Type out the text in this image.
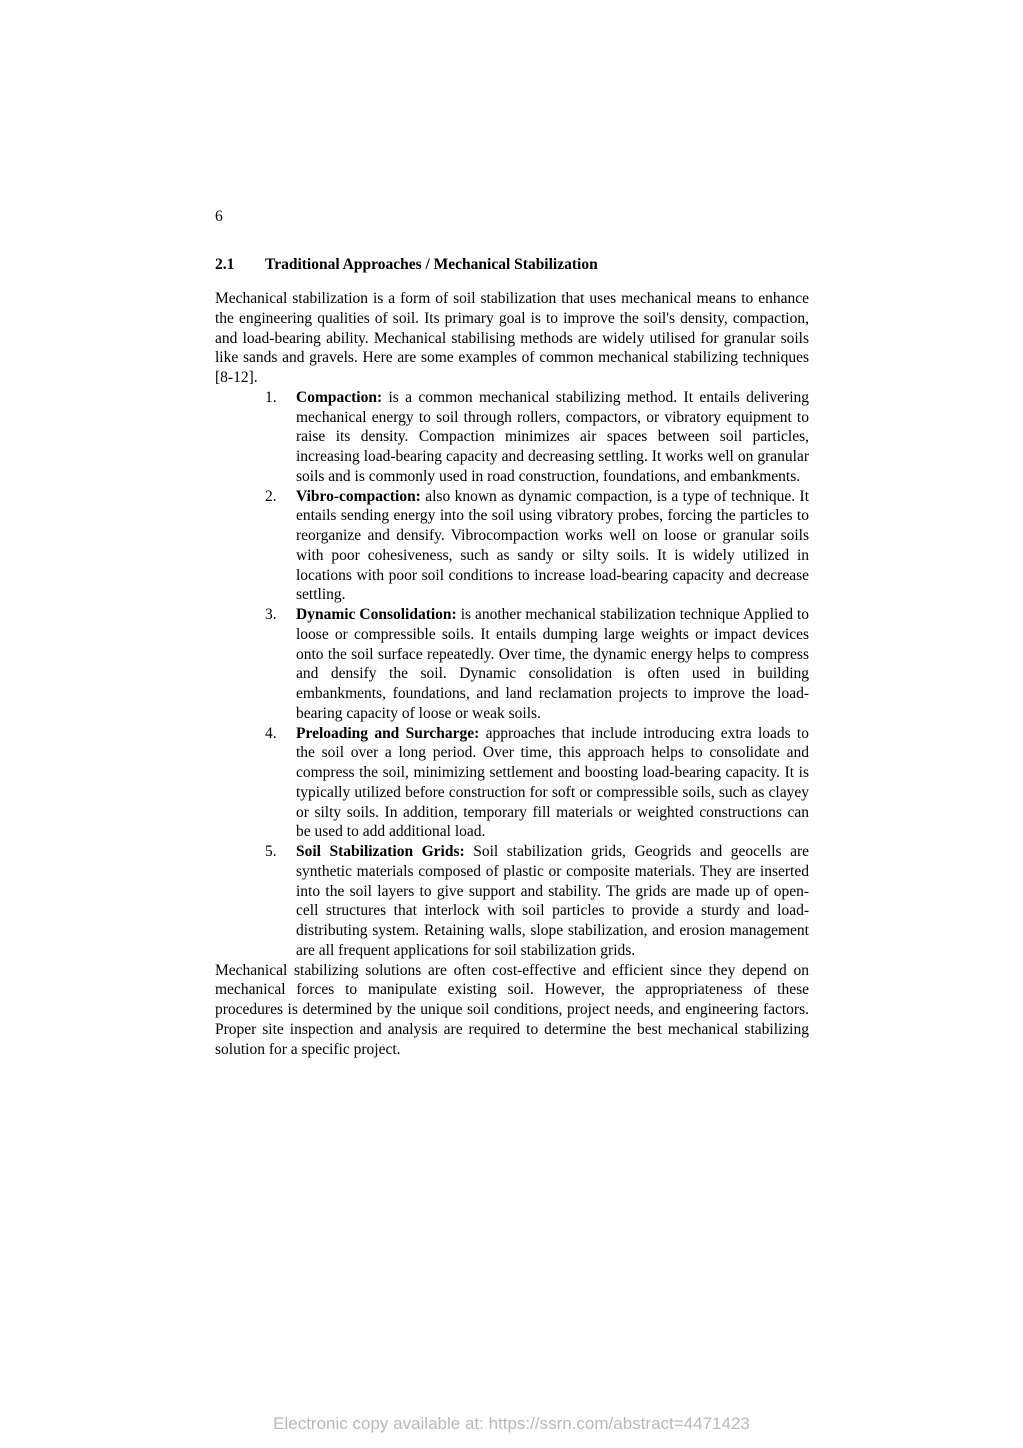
6
2.1 Traditional Approaches / Mechanical Stabilization

Mechanical stabilization is a form of soil stabilization that uses mechanical means to enhance the engineering qualities of soil. Its primary goal is to improve the soil's density, compaction, and load-bearing ability. Mechanical stabilising methods are widely utilised for granular soils like sands and gravels. Here are some examples of common mechanical stabilizing techniques [8-12].

1. Compaction: is a common mechanical stabilizing method. It entails delivering mechanical energy to soil through rollers, compactors, or vibratory equipment to raise its density. Compaction minimizes air spaces between soil particles, increasing load-bearing capacity and decreasing settling. It works well on granular soils and is commonly used in road construction, foundations, and embankments.
2. Vibro-compaction: also known as dynamic compaction, is a type of technique. It entails sending energy into the soil using vibratory probes, forcing the particles to reorganize and densify. Vibrocompaction works well on loose or granular soils with poor cohesiveness, such as sandy or silty soils. It is widely utilized in locations with poor soil conditions to increase load-bearing capacity and decrease settling.
3. Dynamic Consolidation: is another mechanical stabilization technique Applied to loose or compressible soils. It entails dumping large weights or impact devices onto the soil surface repeatedly. Over time, the dynamic energy helps to compress and densify the soil. Dynamic consolidation is often used in building embankments, foundations, and land reclamation projects to improve the load-bearing capacity of loose or weak soils.
4. Preloading and Surcharge: approaches that include introducing extra loads to the soil over a long period. Over time, this approach helps to consolidate and compress the soil, minimizing settlement and boosting load-bearing capacity. It is typically utilized before construction for soft or compressible soils, such as clayey or silty soils. In addition, temporary fill materials or weighted constructions can be used to add additional load.
5. Soil Stabilization Grids: Soil stabilization grids, Geogrids and geocells are synthetic materials composed of plastic or composite materials. They are inserted into the soil layers to give support and stability. The grids are made up of open-cell structures that interlock with soil particles to provide a sturdy and load-distributing system. Retaining walls, slope stabilization, and erosion management are all frequent applications for soil stabilization grids.

Mechanical stabilizing solutions are often cost-effective and efficient since they depend on mechanical forces to manipulate existing soil. However, the appropriateness of these procedures is determined by the unique soil conditions, project needs, and engineering factors. Proper site inspection and analysis are required to determine the best mechanical stabilizing solution for a specific project.

Electronic copy available at: https://ssrn.com/abstract=4471423
